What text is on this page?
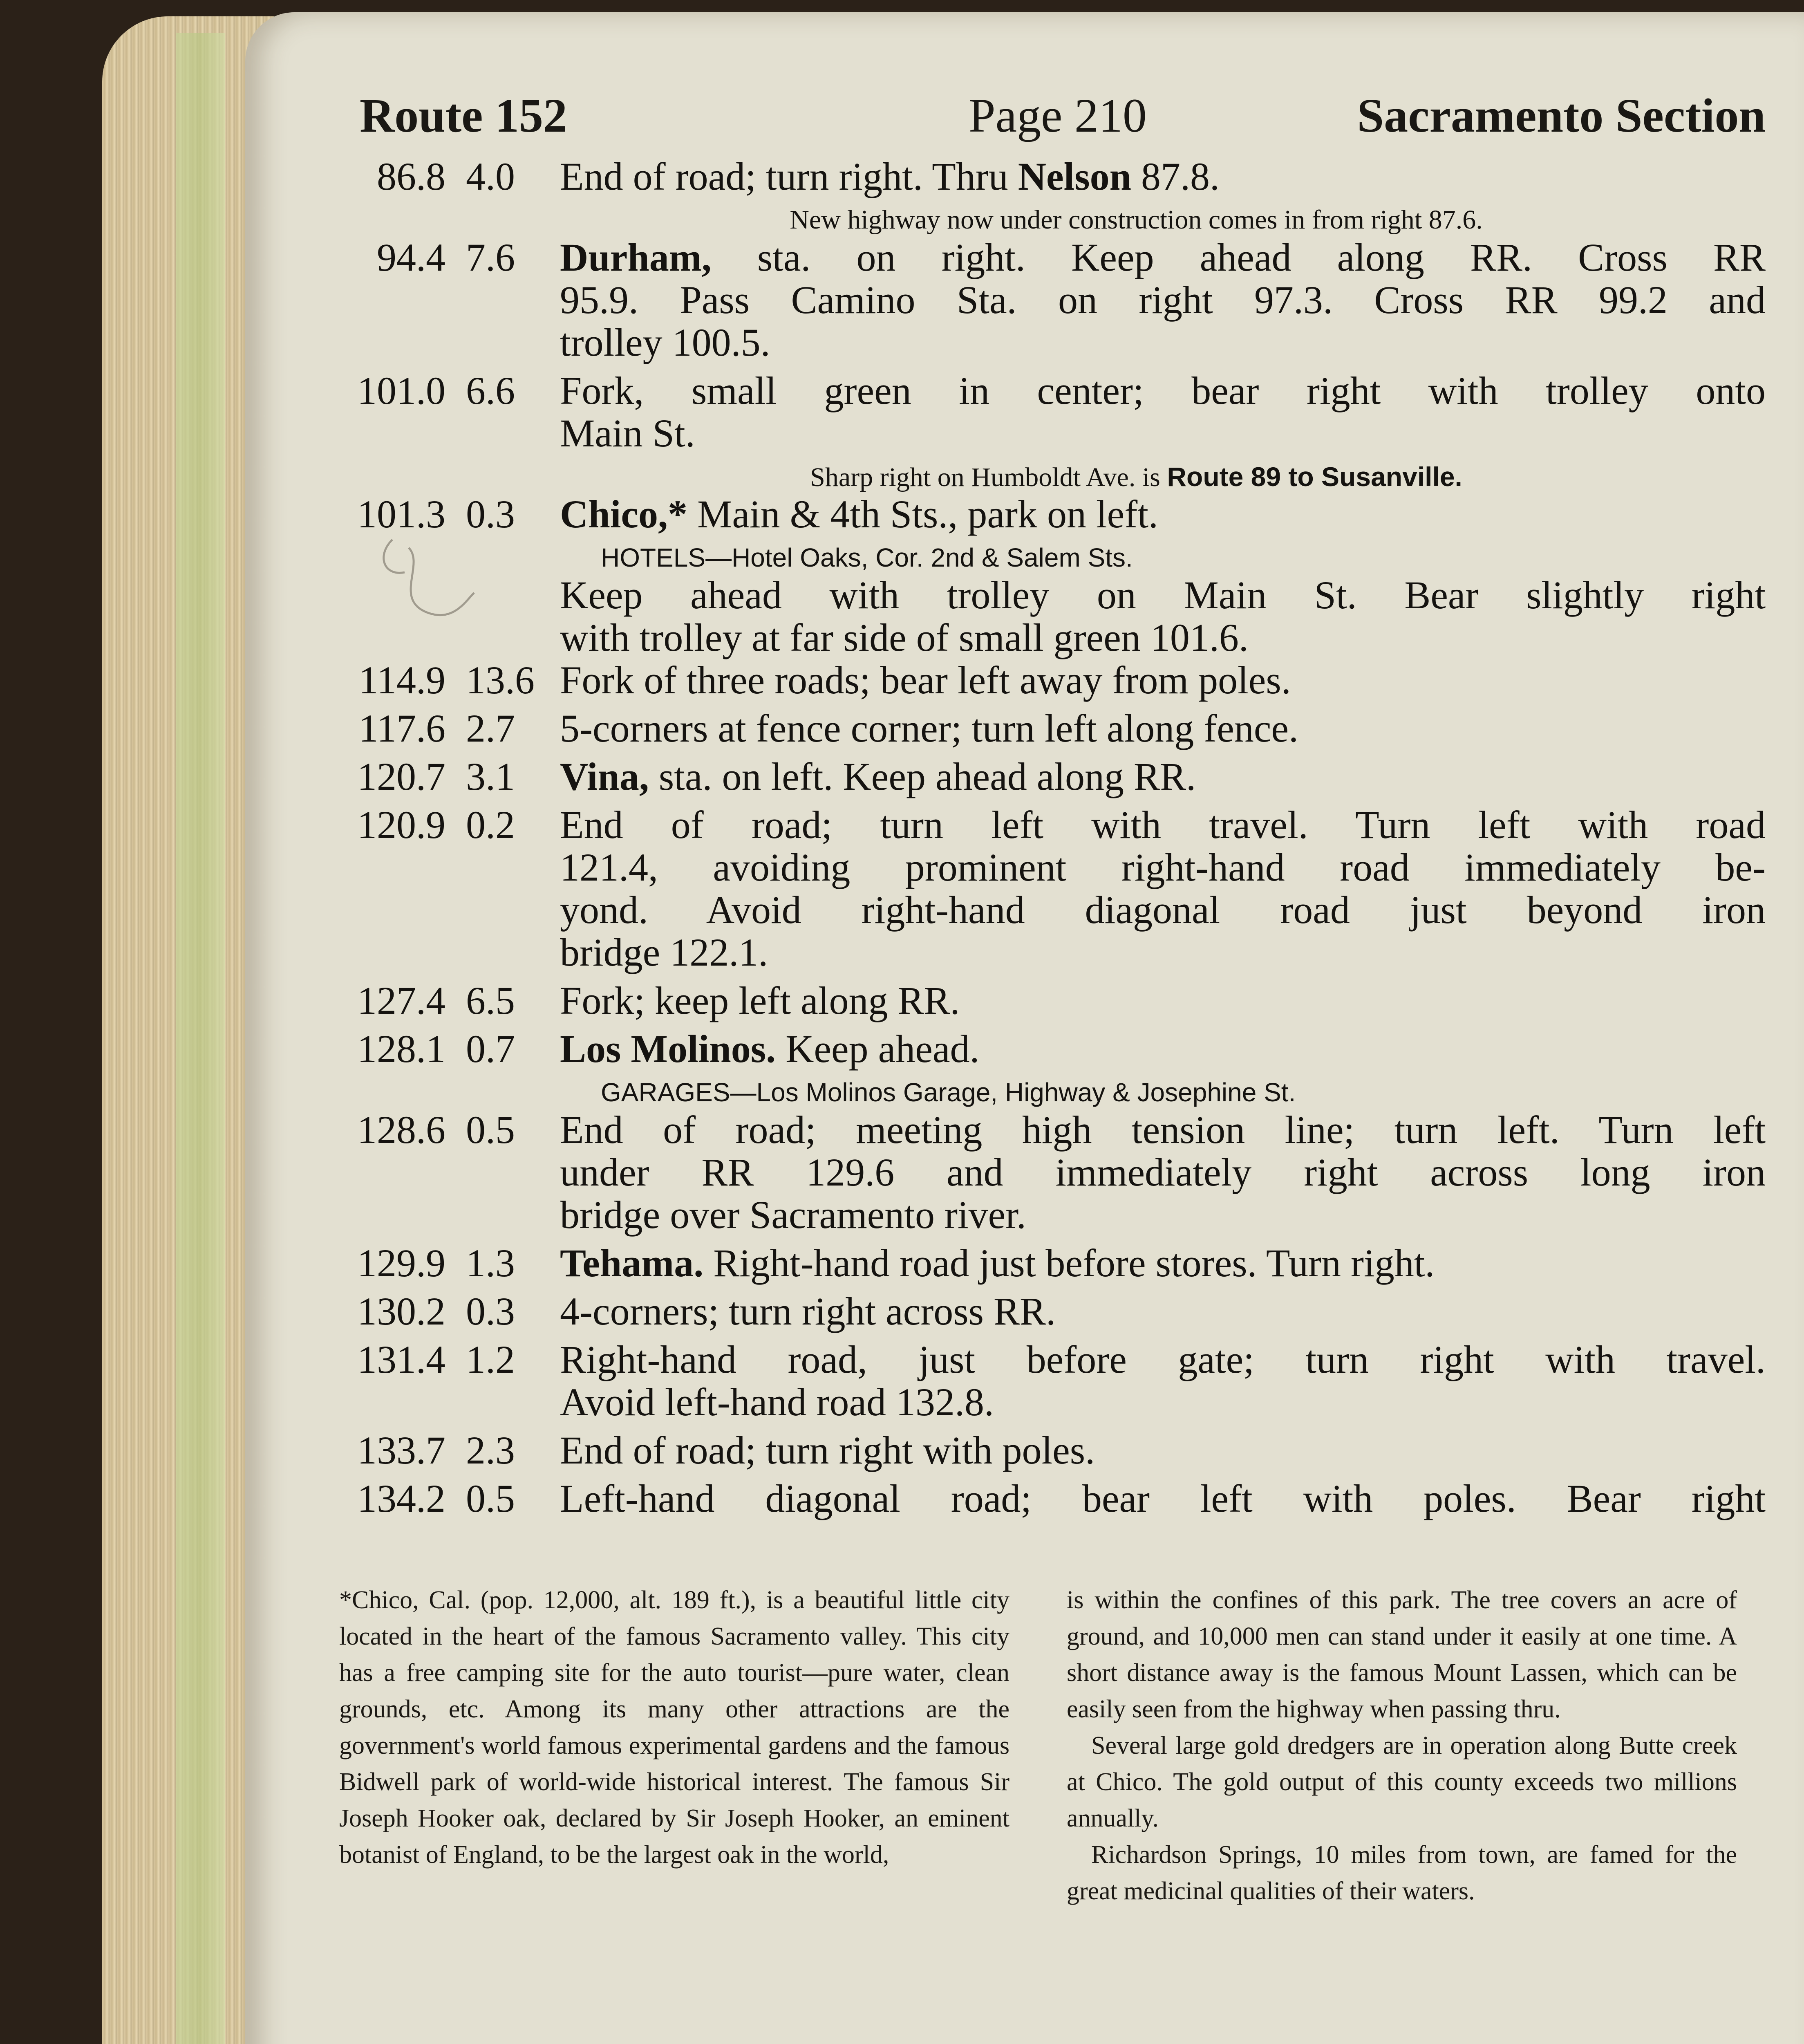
Route 152	Page 210	Sacramento Section
86.8 4.0	End of road; turn right. Thru Nelson 87.8.
New highway now under construction comes in from right 87.6.
94.4 7.6	Durham, sta. on right. Keep ahead along RR. Cross RR
95.9. Pass Camino Sta. on right 97.3. Cross RR 99.2 and
trolley 100.5.
101.0 6.6	Fork, small green in center; bear right with trolley onto
Main St.
Sharp right on Humboldt Ave. is Route 89 to Susanville.
101.3 0.3	Chico,* Main & 4th Sts., park on left.
HOTELS—Hotel Oaks, Cor. 2nd & Salem Sts.
Keep ahead with trolley on Main St. Bear slightly right
with trolley at far side of small green 101.6.
114.9 13.6 Fork of three roads; bear left away from poles.
117.6 2.7	5-corners at fence corner; turn left along fence.
120.7 3.1	Vina, sta. on left. Keep ahead along RR.
120.9 0.2	End of road; turn left with travel. Turn left with road
121.4, avoiding prominent right-hand road immediately be-
yond. Avoid right-hand diagonal road just beyond iron
bridge 122.1.
127.4 6.5	Fork; keep left along RR.
128.1 0.7	Los Molinos. Keep ahead.
GARAGES—Los Molinos Garage, Highway & Josephine St.
128.6 0.5	End of road; meeting high tension line; turn left. Turn left
under RR 129.6 and immediately right across long iron
bridge over Sacramento river.
129.9 1.3	Tehama. Right-hand road just before stores. Turn right.
130.2 0.3	4-corners; turn right across RR.
131.4 1.2	Right-hand road, just before gate; turn right with travel.
Avoid left-hand road 132.8.
133.7 2.3	End of road; turn right with poles.
134.2 0.5	Left-hand diagonal road; bear left with poles. Bear right

*Chico, Cal. (pop. 12,000, alt. 189 ft.), is a beautiful little city located in the heart of the famous Sacramento valley. This city has a free camping site for the auto tourist—pure water, clean grounds, etc. Among its many other attractions are the government's world famous experimental gardens and the famous Bidwell park of world-wide historical interest. The famous Sir Joseph Hooker oak, declared by Sir Joseph Hooker, an eminent botanist of England, to be the largest oak in the world,

is within the confines of this park. The tree covers an acre of ground, and 10,000 men can stand under it easily at one time. A short distance away is the famous Mount Lassen, which can be easily seen from the highway when passing thru.

Several large gold dredgers are in operation along Butte creek at Chico. The gold output of this county exceeds two millions annually.

Richardson Springs, 10 miles from town, are famed for the great medicinal qualities of their waters.
